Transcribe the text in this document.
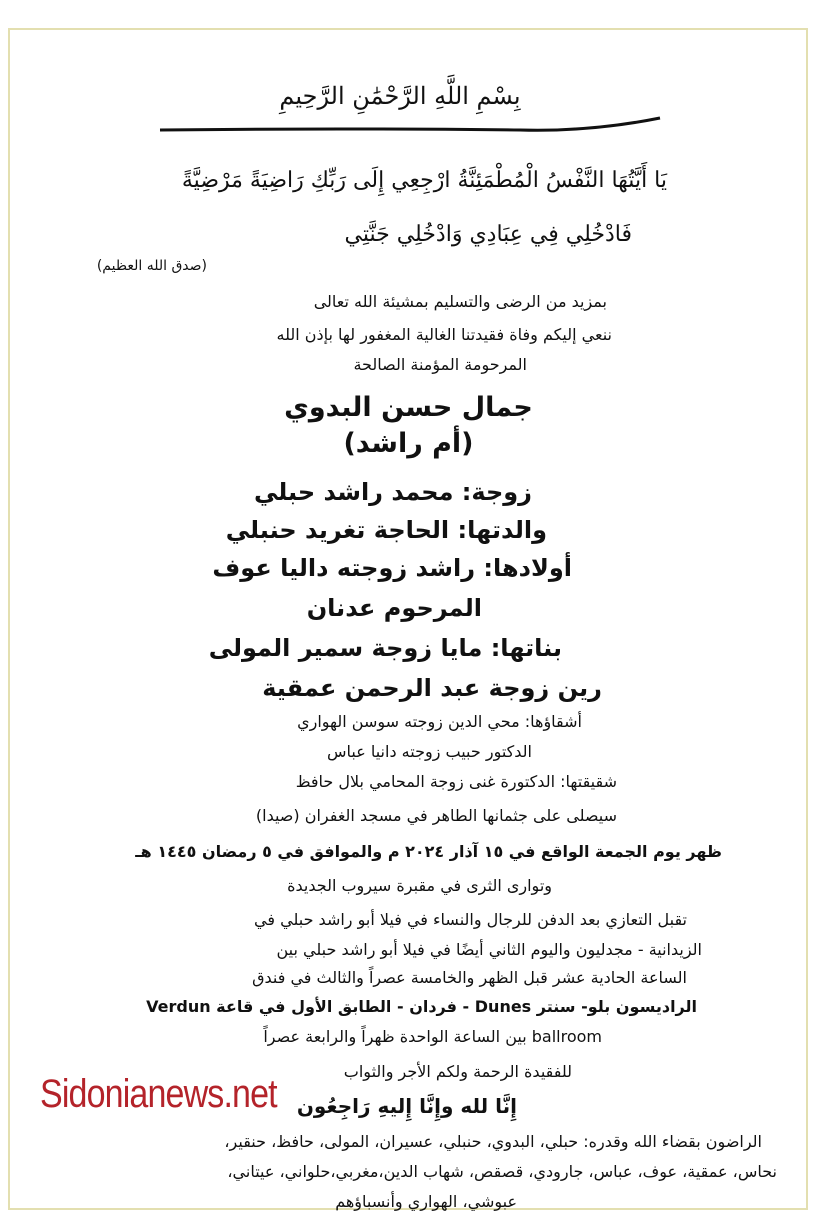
بِسْمِ اللَّهِ الرَّحْمَٰنِ الرَّحِيمِ
يَا أَيَّتُهَا النَّفْسُ الْمُطْمَئِنَّةُ ارْجِعِي إِلَى رَبِّكِ رَاضِيَةً مَرْضِيَّةً
فَادْخُلِي فِي عِبَادِي وَادْخُلِي جَنَّتِي
(صدق الله العظيم)
بمزيد من الرضى والتسليم بمشيئة الله تعالى
ننعي إليكم وفاة فقيدتنا الغالية المغفور لها بإذن الله
المرحومة المؤمنة الصالحة
جمال حسن البدوي
(أم راشد)
زوجة: محمد راشد حبلي
والدتها: الحاجة تغريد حنبلي
أولادها: راشد زوجته داليا عوف
المرحوم عدنان
بناتها: مايا زوجة سمير المولى
رين زوجة عبد الرحمن عمقية
أشقاؤها: محي الدين زوجته سوسن الهواري
الدكتور حبيب زوجته دانيا عباس
شقيقتها: الدكتورة غنى زوجة المحامي بلال حافظ
سيصلى على جثمانها الطاهر في مسجد الغفران (صيدا)
ظهر يوم الجمعة الواقع في ١٥ آذار ٢٠٢٤ م والموافق في ٥ رمضان ١٤٤٥ هـ
وتوارى الثرى في مقبرة سيروب الجديدة
تقبل التعازي بعد الدفن للرجال والنساء في فيلا أبو راشد حبلي في
الزيدانية - مجدليون واليوم الثاني أيضًا في فيلا أبو راشد حبلي بين
الساعة الحادية عشر قبل الظهر والخامسة عصراً والثالث في فندق
الراديسون بلو- سنتر Dunes - فردان - الطابق الأول في قاعة Verdun
ballroom بين الساعة الواحدة ظهراً والرابعة عصراً
للفقيدة الرحمة ولكم الأجر والثواب
إِنَّا لله وإِنَّا إِليهِ رَاجِعُون
الراضون بقضاء الله وقدره: حبلي، البدوي، حنبلي، عسيران، المولى، حافظ، حنقير،
نحاس، عمقية، عوف، عباس، جارودي، قصقص، شهاب الدين،مغربي،حلواني، عيتاني،
عبوشي، الهواري وأنسباؤهم
Sidonianews.net
